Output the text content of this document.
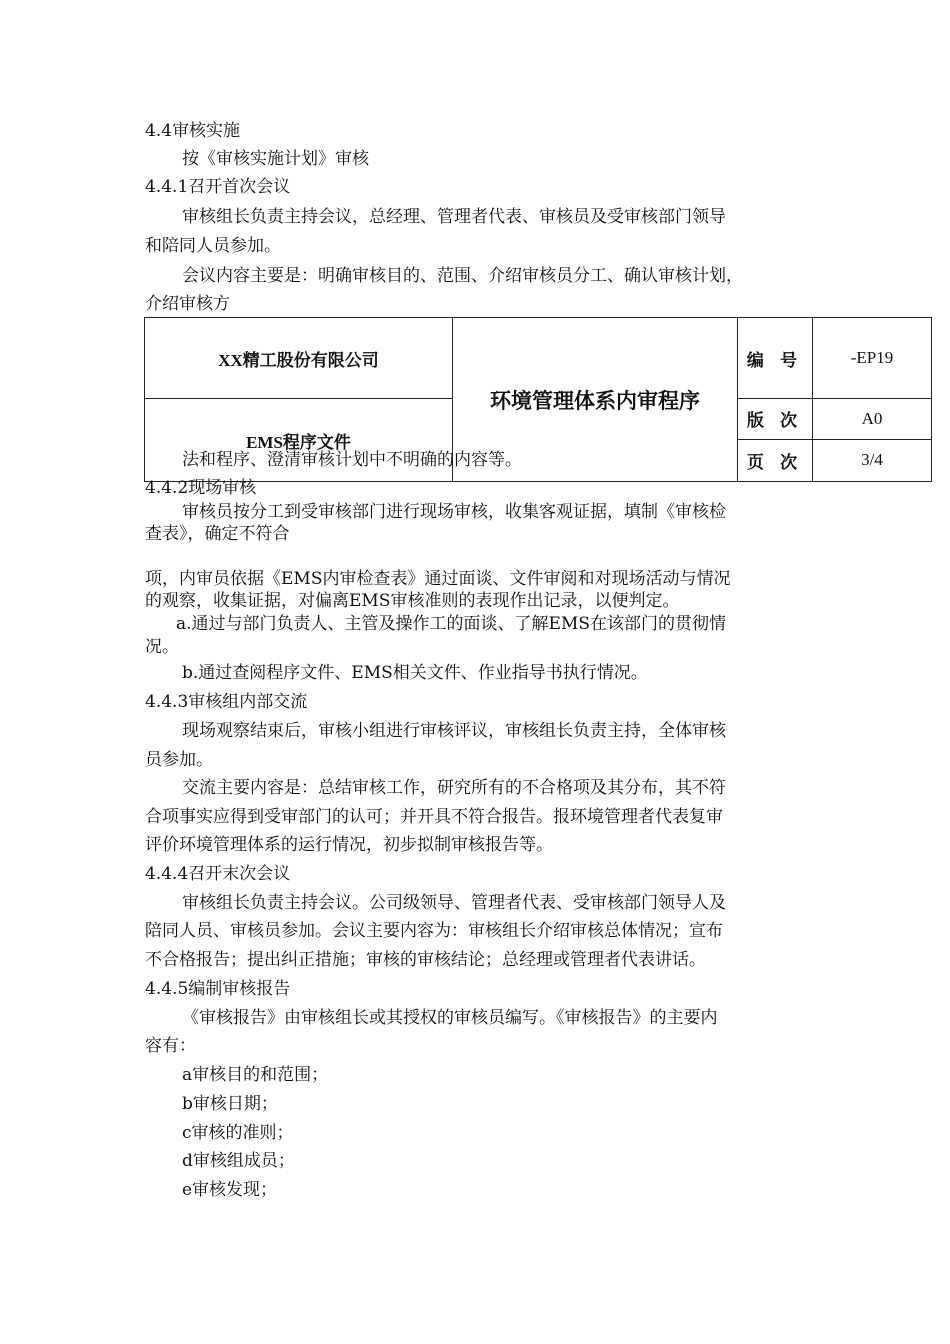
4.4审核实施
按《审核实施计划》审核
4.4.1召开首次会议
审核组长负责主持会议，总经理、管理者代表、审核员及受审核部门领导
和陪同人员参加。
会议内容主要是：明确审核目的、范围、介绍审核员分工、确认审核计划，
介绍审核方
XX精工股份有限公司	环境管理体系内审程序	编 号	-EP19
EMS程序文件		版 次	A0
		页 次	3/4
法和程序、澄清审核计划中不明确的内容等。
4.4.2现场审核
审核员按分工到受审核部门进行现场审核，收集客观证据，填制《审核检
查表》，确定不符合
项，内审员依据《EMS内审检查表》通过面谈、文件审阅和对现场活动与情况
的观察，收集证据，对偏离EMS审核准则的表现作出记录，以便判定。
a.通过与部门负责人、主管及操作工的面谈、了解EMS在该部门的贯彻情
况。
b.通过查阅程序文件、EMS相关文件、作业指导书执行情况。
4.4.3审核组内部交流
现场观察结束后，审核小组进行审核评议，审核组长负责主持，全体审核
员参加。
交流主要内容是：总结审核工作，研究所有的不合格项及其分布，其不符
合项事实应得到受审部门的认可；并开具不符合报告。报环境管理者代表复审
评价环境管理体系的运行情况，初步拟制审核报告等。
4.4.4召开末次会议
审核组长负责主持会议。公司级领导、管理者代表、受审核部门领导人及
陪同人员、审核员参加。会议主要内容为：审核组长介绍审核总体情况；宣布
不合格报告；提出纠正措施；审核的审核结论；总经理或管理者代表讲话。
4.4.5编制审核报告
《审核报告》由审核组长或其授权的审核员编写。《审核报告》的主要内
容有：
a审核目的和范围；
b审核日期；
c审核的准则；
d审核组成员；
e审核发现；
